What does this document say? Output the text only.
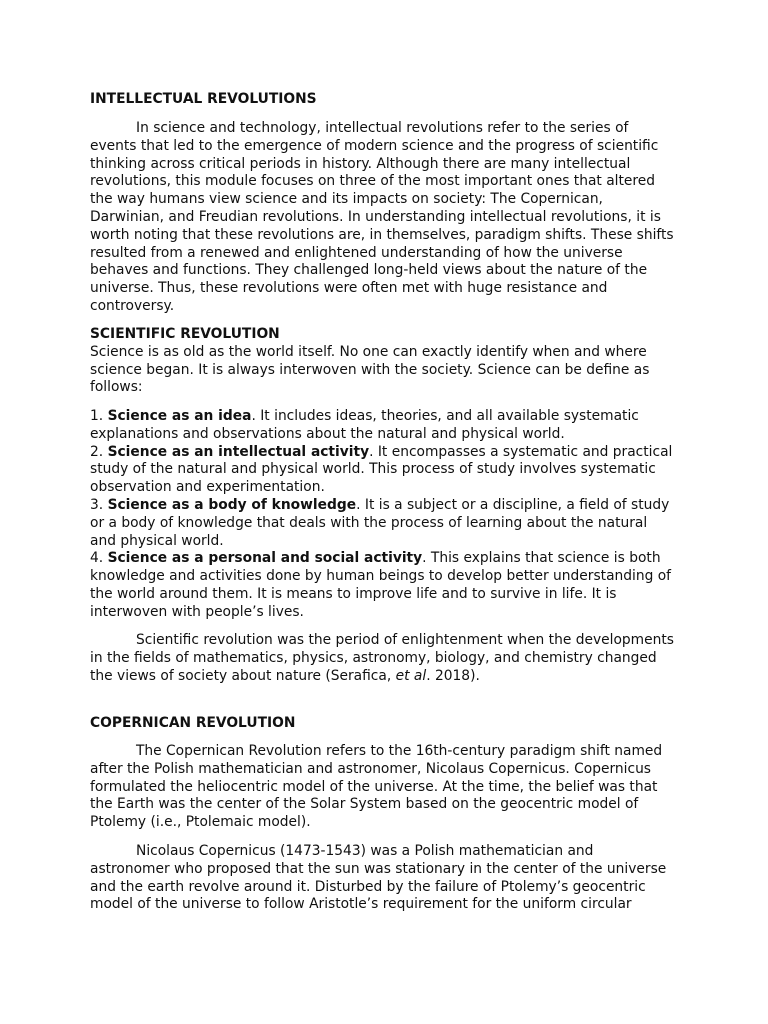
INTELLECTUAL REVOLUTIONS
In science and technology, intellectual revolutions refer to the series of
events that led to the emergence of modern science and the progress of scientific
thinking across critical periods in history. Although there are many intellectual
revolutions, this module focuses on three of the most important ones that altered
the way humans view science and its impacts on society: The Copernican,
Darwinian, and Freudian revolutions. In understanding intellectual revolutions, it is
worth noting that these revolutions are, in themselves, paradigm shifts. These shifts
resulted from a renewed and enlightened understanding of how the universe
behaves and functions. They challenged long-held views about the nature of the
universe. Thus, these revolutions were often met with huge resistance and
controversy.
SCIENTIFIC REVOLUTION
Science is as old as the world itself. No one can exactly identify when and where
science began. It is always interwoven with the society. Science can be define as
follows:
1. Science as an idea. It includes ideas, theories, and all available systematic
explanations and observations about the natural and physical world.
2. Science as an intellectual activity. It encompasses a systematic and practical
study of the natural and physical world. This process of study involves systematic
observation and experimentation.
3. Science as a body of knowledge. It is a subject or a discipline, a field of study
or a body of knowledge that deals with the process of learning about the natural
and physical world.
4. Science as a personal and social activity. This explains that science is both
knowledge and activities done by human beings to develop better understanding of
the world around them. It is means to improve life and to survive in life. It is
interwoven with people’s lives.
Scientific revolution was the period of enlightenment when the developments
in the fields of mathematics, physics, astronomy, biology, and chemistry changed
the views of society about nature (Serafica, et al. 2018).
COPERNICAN REVOLUTION
The Copernican Revolution refers to the 16th-century paradigm shift named
after the Polish mathematician and astronomer, Nicolaus Copernicus. Copernicus
formulated the heliocentric model of the universe. At the time, the belief was that
the Earth was the center of the Solar System based on the geocentric model of
Ptolemy (i.e., Ptolemaic model).
Nicolaus Copernicus (1473-1543) was a Polish mathematician and
astronomer who proposed that the sun was stationary in the center of the universe
and the earth revolve around it. Disturbed by the failure of Ptolemy’s geocentric
model of the universe to follow Aristotle’s requirement for the uniform circular
